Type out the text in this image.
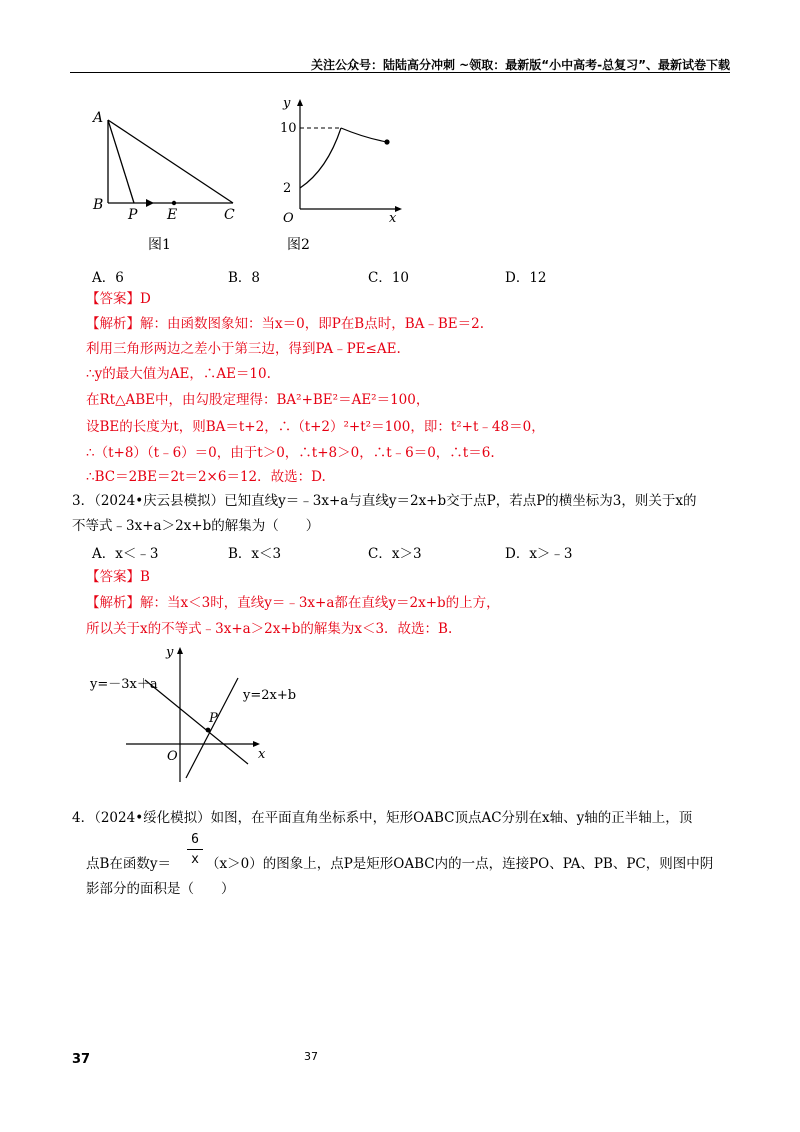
关注公众号：陆陆高分冲刺 ~领取：最新版“小中高考-总复习”、最新试卷下载
A
B
P E	C
图1
y
10
2
O	x
图2
A．6	B．8	C．10	D．12
【答案】D
【解析】解：由函数图象知：当x＝0，即P在B点时，BA﹣BE＝2.
利用三角形两边之差小于第三边，得到PA﹣PE≤AE.
∴y的最大值为AE，∴AE＝10.
在Rt△ABE中，由勾股定理得：BA²+BE²＝AE²＝100，
设BE的长度为t，则BA＝t+2，∴（t+2）²+t²＝100，即：t²+t﹣48＝0，
∴（t+8）（t﹣6）＝0，由于t＞0，∴t+8＞0，∴t﹣6＝0，∴t＝6.
∴BC＝2BE＝2t＝2×6＝12．故选：D.
3．（2024•庆云县模拟）已知直线y＝﹣3x+a与直线y＝2x+b交于点P，若点P的横坐标为3，则关于x的
不等式﹣3x+a＞2x+b的解集为（　　）
A．x＜﹣3	B．x＜3	C．x＞3	D．x＞﹣3
【答案】B
【解析】解：当x＜3时，直线y＝﹣3x+a都在直线y＝2x+b的上方，
所以关于x的不等式﹣3x+a＞2x+b的解集为x＜3．故选：B.
y=－3x＋a
y=2x+b
P
O	x
y
4．（2024•绥化模拟）如图，在平面直角坐标系中，矩形OABC顶点AC分别在x轴、y轴的正半轴上，顶
点B在函数y＝
6
x （x＞0）的图象上，点P是矩形OABC内的一点，连接PO、PA、PB、PC，则图中阴
影部分的面积是（　　）
37	37
